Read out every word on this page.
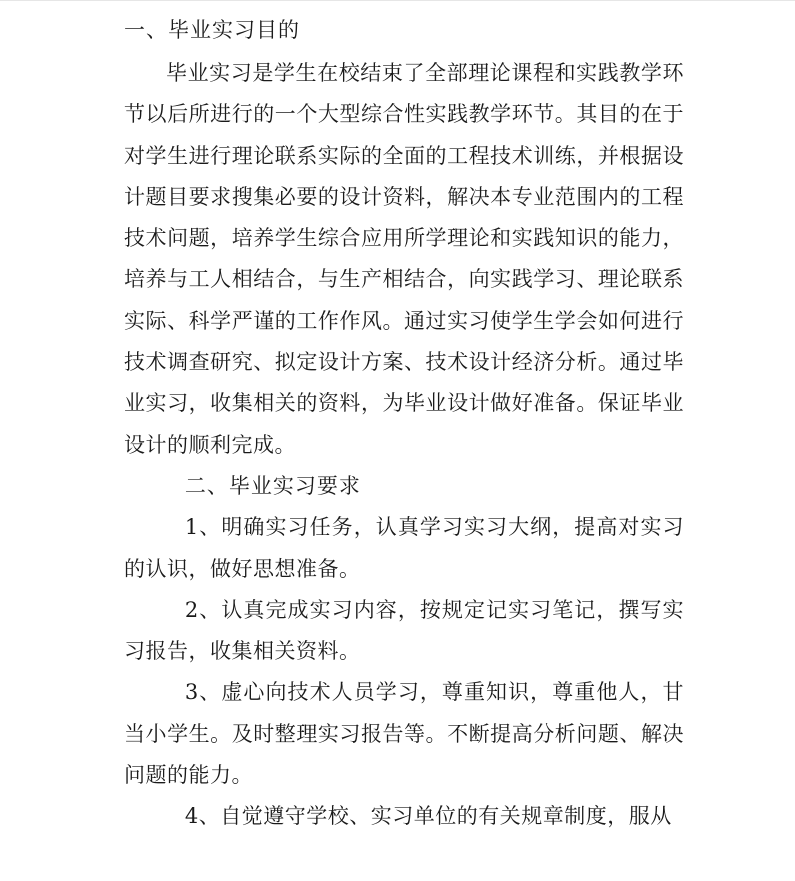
一、毕业实习目的

毕业实习是学生在校结束了全部理论课程和实践教学环节以后所进行的一个大型综合性实践教学环节。其目的在于对学生进行理论联系实际的全面的工程技术训练，并根据设计题目要求搜集必要的设计资料，解决本专业范围内的工程技术问题，培养学生综合应用所学理论和实践知识的能力，培养与工人相结合，与生产相结合，向实践学习、理论联系实际、科学严谨的工作作风。通过实习使学生学会如何进行技术调查研究、拟定设计方案、技术设计经济分析。通过毕业实习，收集相关的资料，为毕业设计做好准备。保证毕业设计的顺利完成。

二、毕业实习要求

1、明确实习任务，认真学习实习大纲，提高对实习的认识，做好思想准备。

2、认真完成实习内容，按规定记实习笔记，撰写实习报告，收集相关资料。

3、虚心向技术人员学习，尊重知识，尊重他人，甘当小学生。及时整理实习报告等。不断提高分析问题、解决问题的能力。

4、自觉遵守学校、实习单位的有关规章制度，服从
